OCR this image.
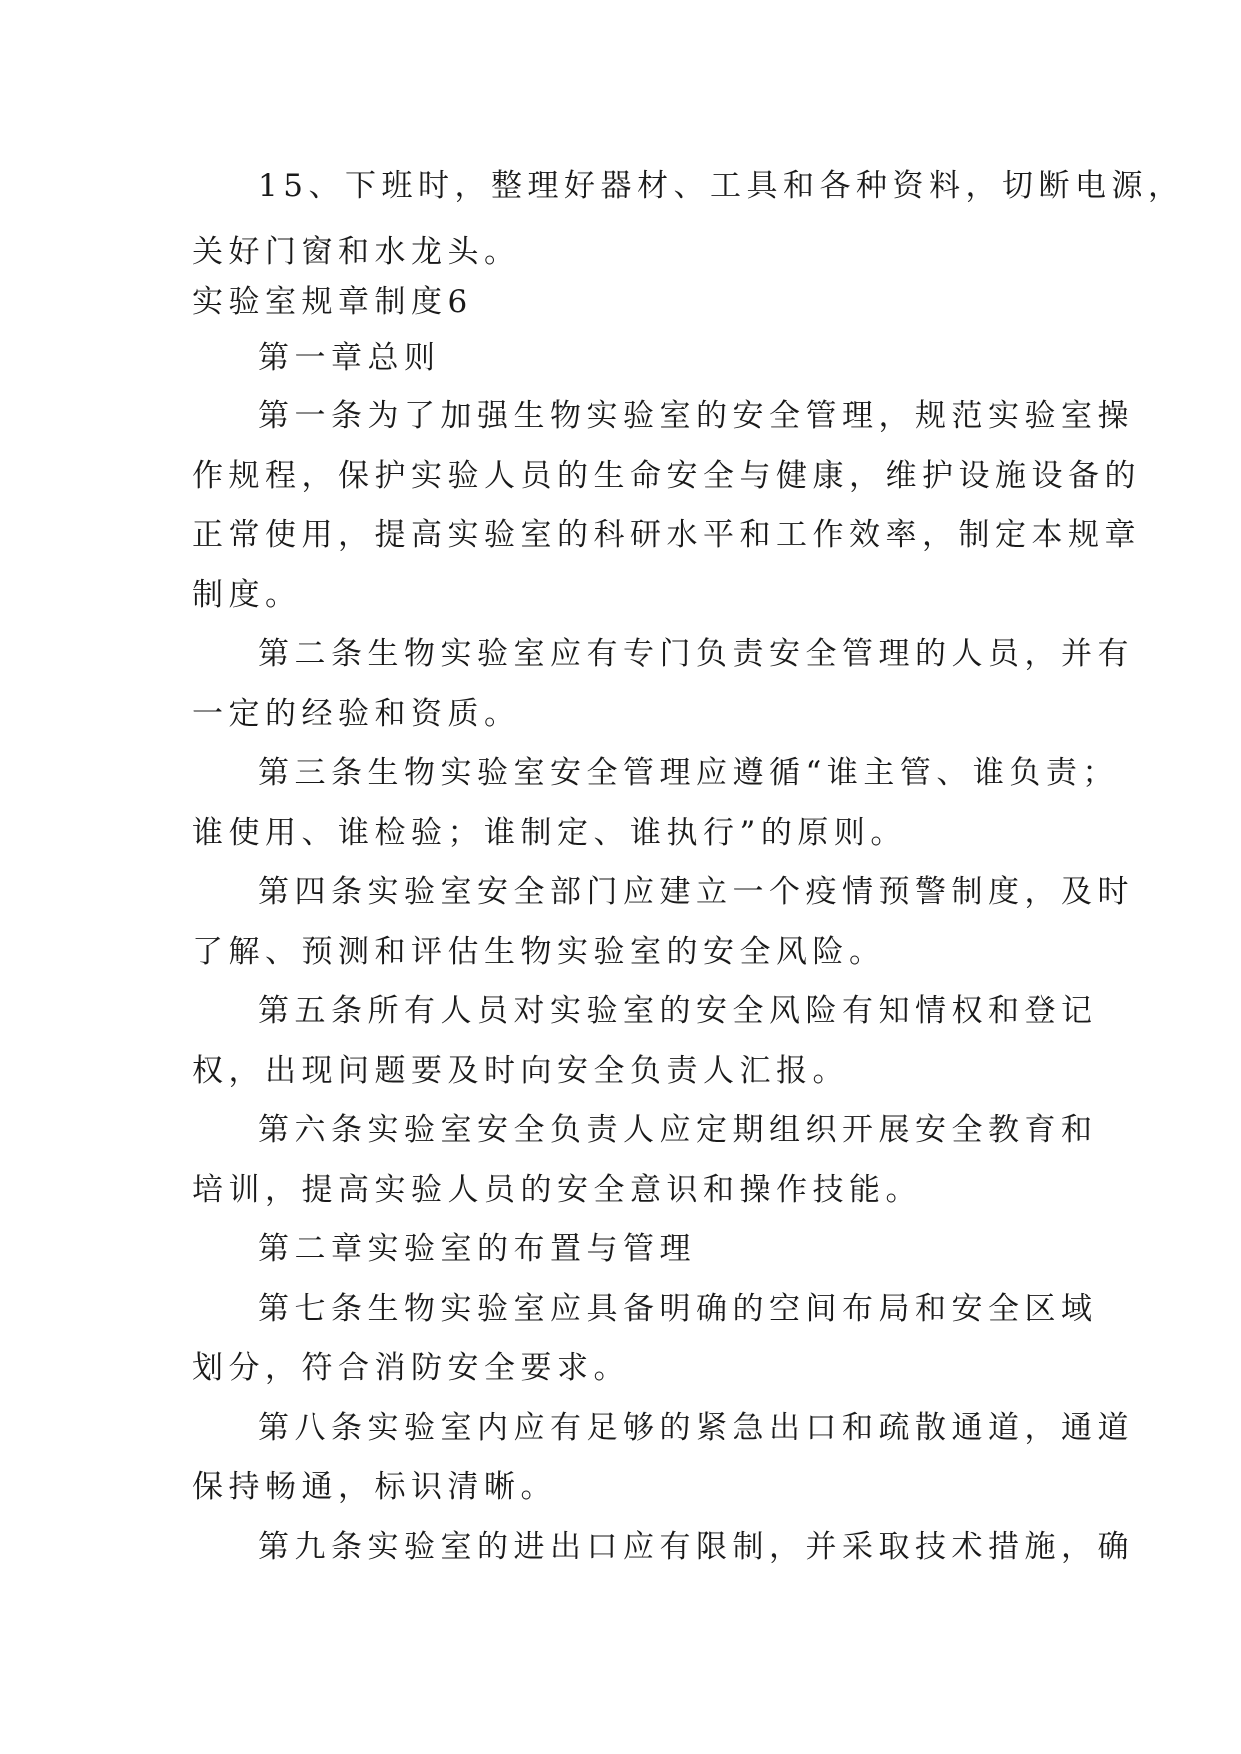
15、下班时，整理好器材、工具和各种资料，切断电源，
关好门窗和水龙头。
实验室规章制度6
第一章总则
第一条为了加强生物实验室的安全管理，规范实验室操
作规程，保护实验人员的生命安全与健康，维护设施设备的
正常使用，提高实验室的科研水平和工作效率，制定本规章
制度。
第二条生物实验室应有专门负责安全管理的人员，并有
一定的经验和资质。
第三条生物实验室安全管理应遵循“谁主管、谁负责；
谁使用、谁检验；谁制定、谁执行”的原则。
第四条实验室安全部门应建立一个疫情预警制度，及时
了解、预测和评估生物实验室的安全风险。
第五条所有人员对实验室的安全风险有知情权和登记
权，出现问题要及时向安全负责人汇报。
第六条实验室安全负责人应定期组织开展安全教育和
培训，提高实验人员的安全意识和操作技能。
第二章实验室的布置与管理
第七条生物实验室应具备明确的空间布局和安全区域
划分，符合消防安全要求。
第八条实验室内应有足够的紧急出口和疏散通道，通道
保持畅通，标识清晰。
第九条实验室的进出口应有限制，并采取技术措施，确
